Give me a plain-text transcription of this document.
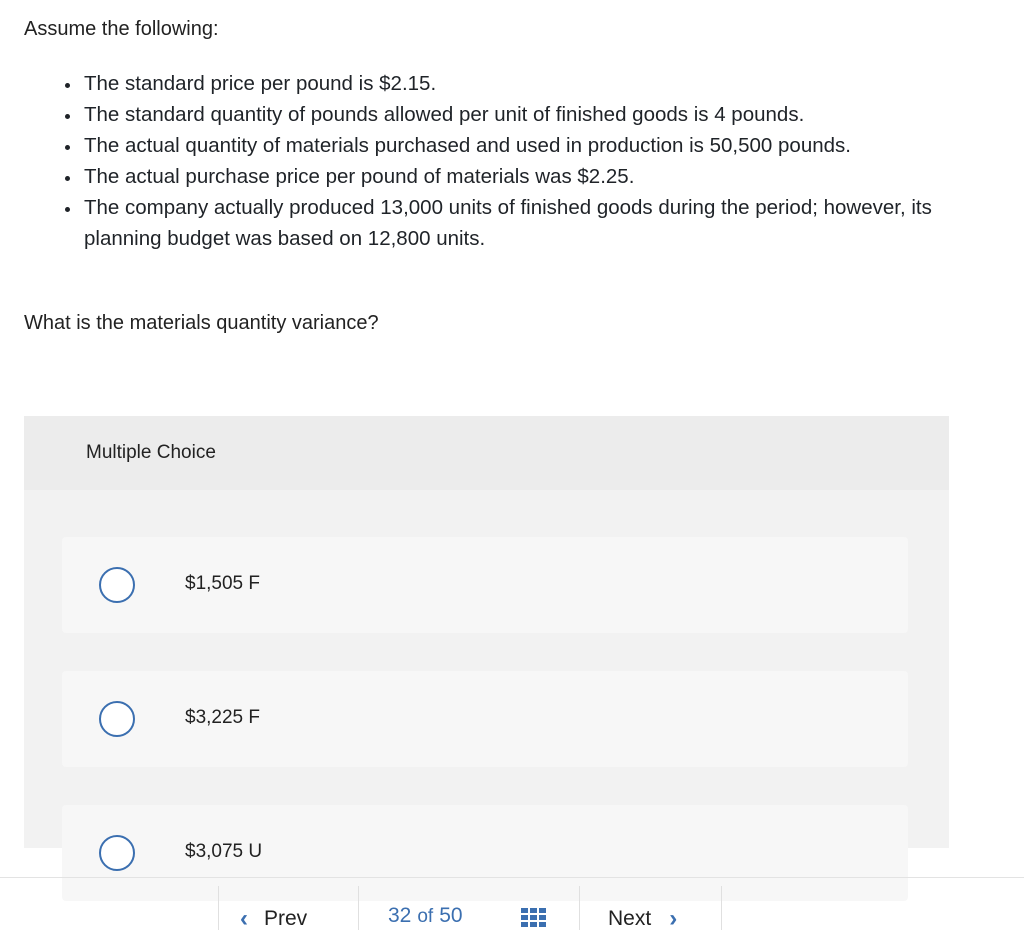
Assume the following:

• The standard price per pound is $2.15.
• The standard quantity of pounds allowed per unit of finished goods is 4 pounds.
• The actual quantity of materials purchased and used in production is 50,500 pounds.
• The actual purchase price per pound of materials was $2.25.
• The company actually produced 13,000 units of finished goods during the period; however, its planning budget was based on 12,800 units.

What is the materials quantity variance?

Multiple Choice
$1,505 F
$3,225 F
$3,075 U
‹ Prev	32 of 50	Next ›
